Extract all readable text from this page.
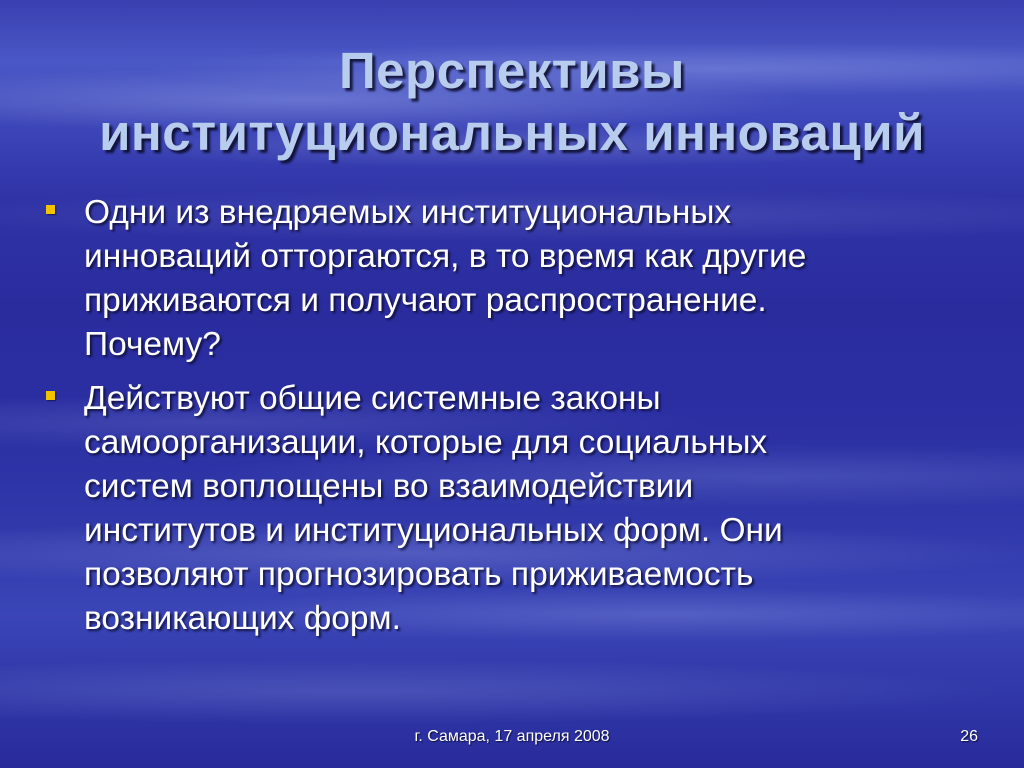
Перспективы
институциональных инноваций
Одни из внедряемых институциональных
инноваций отторгаются, в то время как другие
приживаются и получают распространение.
Почему?
Действуют общие системные законы
самоорганизации, которые для социальных
систем воплощены во взаимодействии
институтов и институциональных форм. Они
позволяют прогнозировать приживаемость
возникающих форм.
г. Самара, 17 апреля 2008	26
